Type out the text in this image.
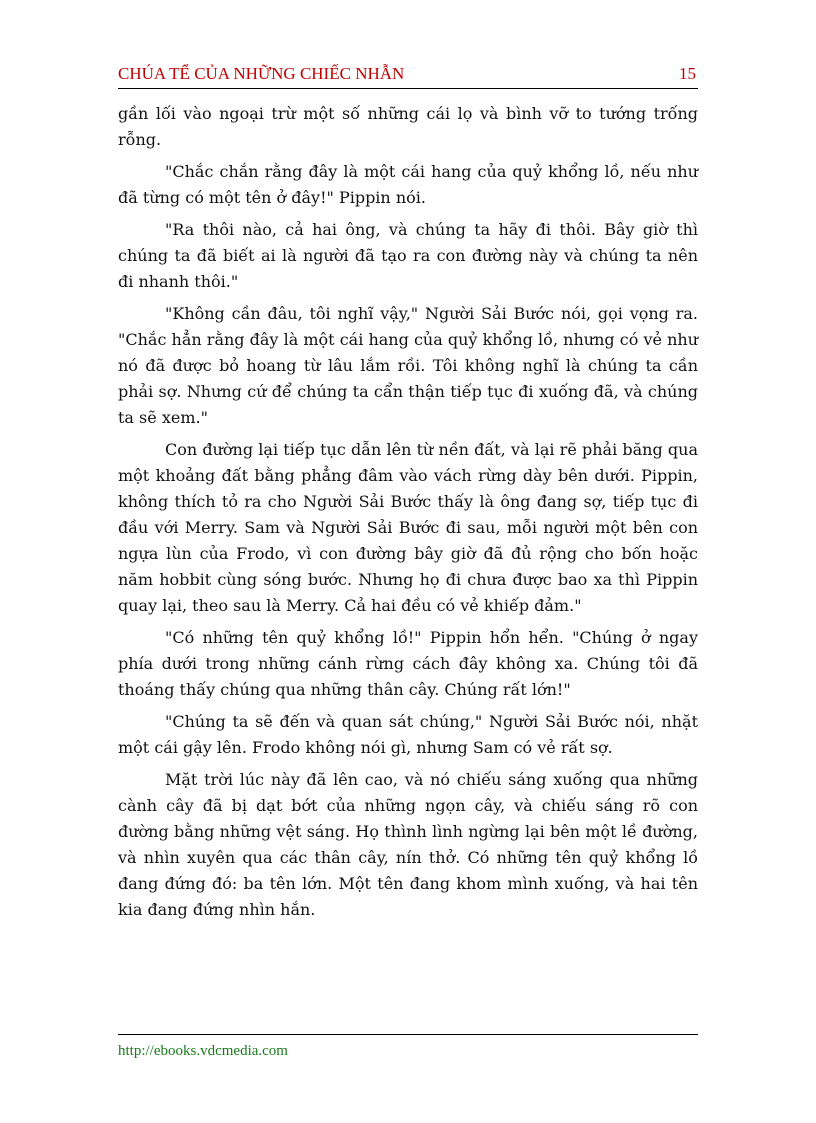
CHÚA TỂ CỦA NHỮNG CHIẾC NHẪN	15

gần lối vào ngoại trừ một số những cái lọ và bình vỡ to tướng trống rỗng.

"Chắc chắn rằng đây là một cái hang của quỷ khổng lồ, nếu như đã từng có một tên ở đây!" Pippin nói.

"Ra thôi nào, cả hai ông, và chúng ta hãy đi thôi. Bây giờ thì chúng ta đã biết ai là người đã tạo ra con đường này và chúng ta nên đi nhanh thôi."

"Không cần đâu, tôi nghĩ vậy," Người Sải Bước nói, gọi vọng ra. "Chắc hẳn rằng đây là một cái hang của quỷ khổng lồ, nhưng có vẻ như nó đã được bỏ hoang từ lâu lắm rồi. Tôi không nghĩ là chúng ta cần phải sợ. Nhưng cứ để chúng ta cẩn thận tiếp tục đi xuống đã, và chúng ta sẽ xem."

Con đường lại tiếp tục dẫn lên từ nền đất, và lại rẽ phải băng qua một khoảng đất bằng phẳng đâm vào vách rừng dày bên dưới. Pippin, không thích tỏ ra cho Người Sải Bước thấy là ông đang sợ, tiếp tục đi đầu với Merry. Sam và Người Sải Bước đi sau, mỗi người một bên con ngựa lùn của Frodo, vì con đường bây giờ đã đủ rộng cho bốn hoặc năm hobbit cùng sóng bước. Nhưng họ đi chưa được bao xa thì Pippin quay lại, theo sau là Merry. Cả hai đều có vẻ khiếp đảm."

"Có những tên quỷ khổng lồ!" Pippin hổn hển. "Chúng ở ngay phía dưới trong những cánh rừng cách đây không xa. Chúng tôi đã thoáng thấy chúng qua những thân cây. Chúng rất lớn!"

"Chúng ta sẽ đến và quan sát chúng," Người Sải Bước nói, nhặt một cái gậy lên. Frodo không nói gì, nhưng Sam có vẻ rất sợ.

Mặt trời lúc này đã lên cao, và nó chiếu sáng xuống qua những cành cây đã bị dạt bớt của những ngọn cây, và chiếu sáng rõ con đường bằng những vệt sáng. Họ thình lình ngừng lại bên một lề đường, và nhìn xuyên qua các thân cây, nín thở. Có những tên quỷ khổng lồ đang đứng đó: ba tên lớn. Một tên đang khom mình xuống, và hai tên kia đang đứng nhìn hắn.

http://ebooks.vdcmedia.com
